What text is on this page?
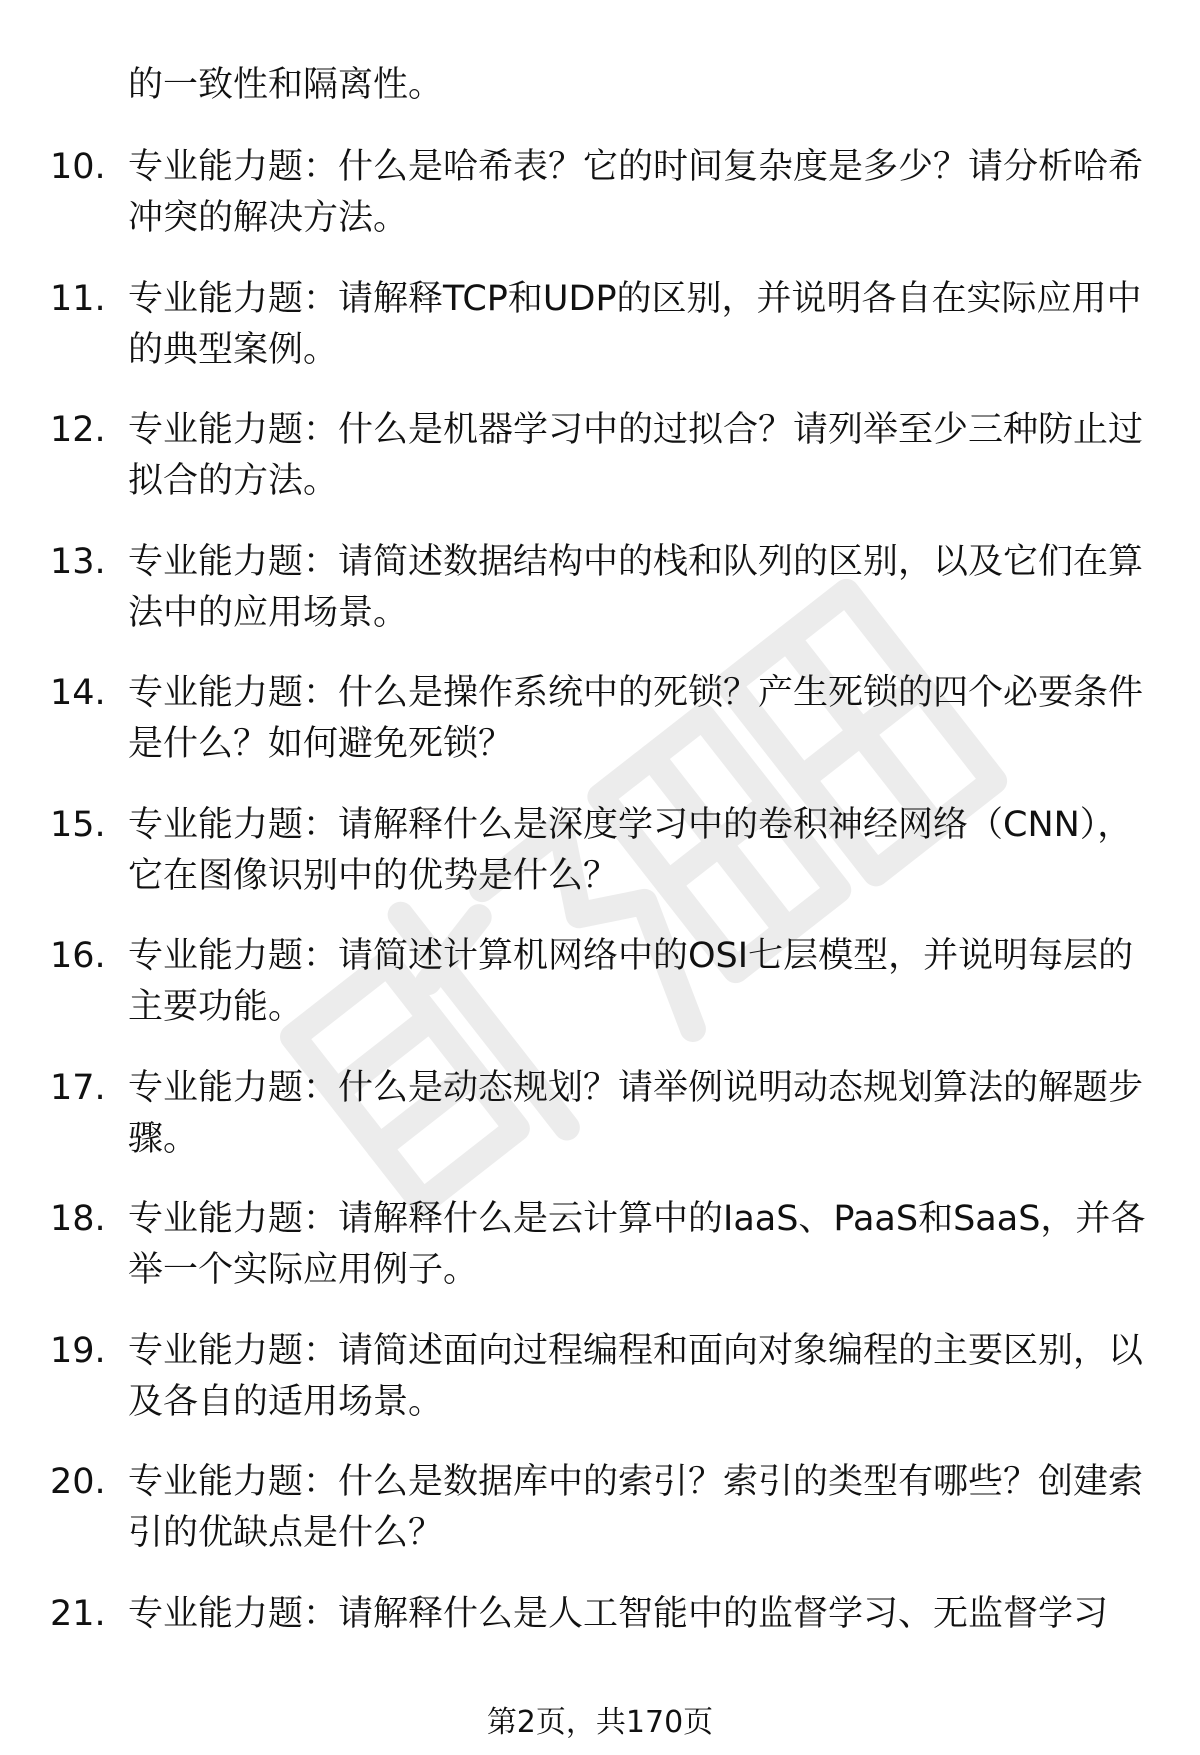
的一致性和隔离性。
10. 专业能力题：什么是哈希表？它的时间复杂度是多少？请分析哈希冲突的解决方法。
11. 专业能力题：请解释TCP和UDP的区别，并说明各自在实际应用中的典型案例。
12. 专业能力题：什么是机器学习中的过拟合？请列举至少三种防止过拟合的方法。
13. 专业能力题：请简述数据结构中的栈和队列的区别，以及它们在算法中的应用场景。
14. 专业能力题：什么是操作系统中的死锁？产生死锁的四个必要条件是什么？如何避免死锁？
15. 专业能力题：请解释什么是深度学习中的卷积神经网络（CNN），它在图像识别中的优势是什么？
16. 专业能力题：请简述计算机网络中的OSI七层模型，并说明每层的主要功能。
17. 专业能力题：什么是动态规划？请举例说明动态规划算法的解题步骤。
18. 专业能力题：请解释什么是云计算中的IaaS、PaaS和SaaS，并各举一个实际应用例子。
19. 专业能力题：请简述面向过程编程和面向对象编程的主要区别，以及各自的适用场景。
20. 专业能力题：什么是数据库中的索引？索引的类型有哪些？创建索引的优缺点是什么？
21. 专业能力题：请解释什么是人工智能中的监督学习、无监督学习
第2页，共170页
